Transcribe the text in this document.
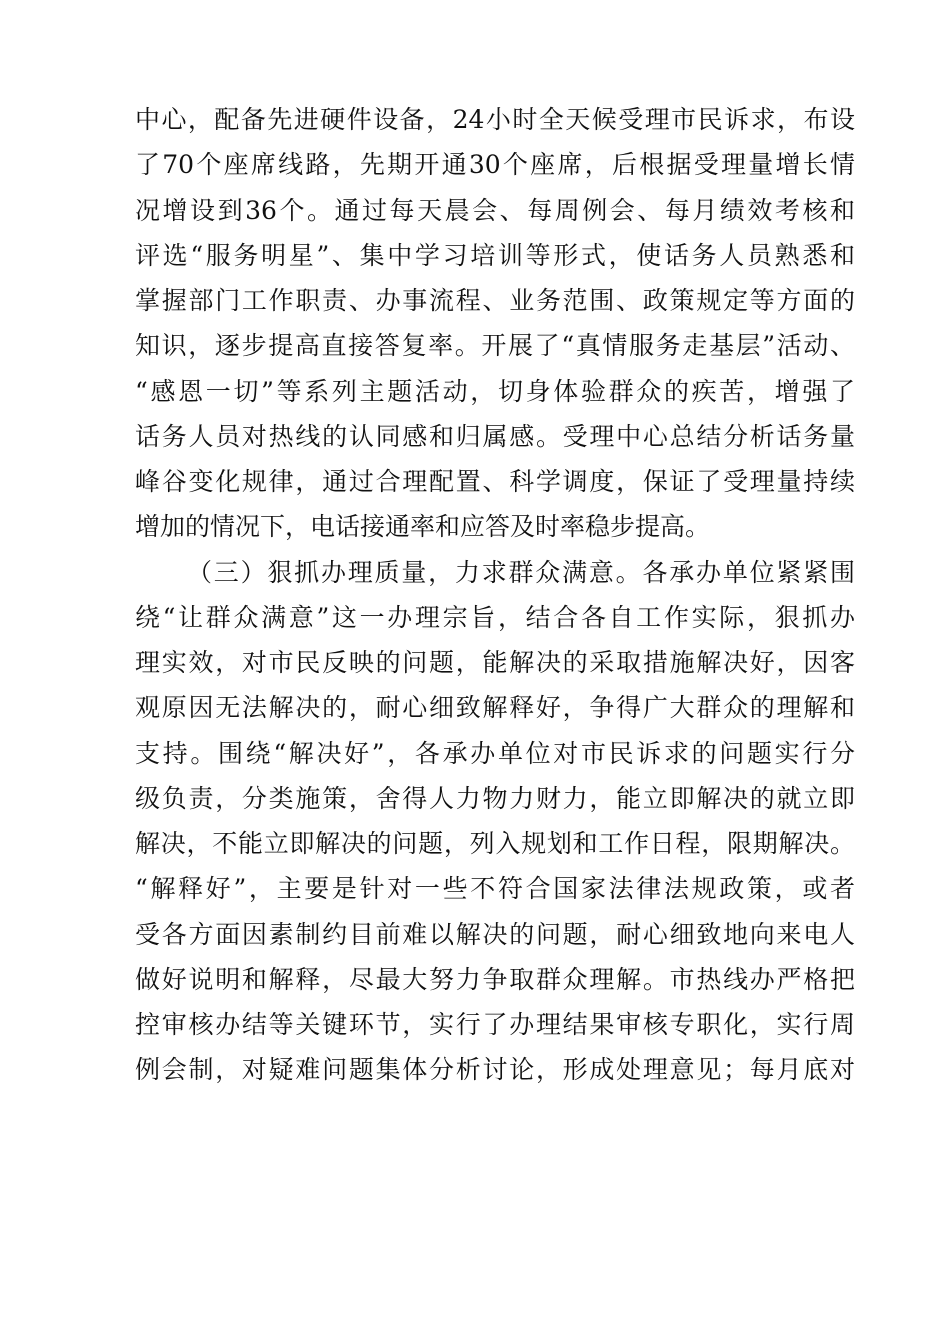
中心，配备先进硬件设备，24小时全天候受理市民诉求，布设
了70个座席线路，先期开通30个座席，后根据受理量增长情
况增设到36个。通过每天晨会、每周例会、每月绩效考核和
评选“服务明星”、集中学习培训等形式，使话务人员熟悉和
掌握部门工作职责、办事流程、业务范围、政策规定等方面的
知识，逐步提高直接答复率。开展了“真情服务走基层”活动、
“感恩一切”等系列主题活动，切身体验群众的疾苦，增强了
话务人员对热线的认同感和归属感。受理中心总结分析话务量
峰谷变化规律，通过合理配置、科学调度，保证了受理量持续
增加的情况下，电话接通率和应答及时率稳步提高。
（三）狠抓办理质量，力求群众满意。各承办单位紧紧围
绕“让群众满意”这一办理宗旨，结合各自工作实际，狠抓办
理实效，对市民反映的问题，能解决的采取措施解决好，因客
观原因无法解决的，耐心细致解释好，争得广大群众的理解和
支持。围绕“解决好”，各承办单位对市民诉求的问题实行分
级负责，分类施策，舍得人力物力财力，能立即解决的就立即
解决，不能立即解决的问题，列入规划和工作日程，限期解决。
“解释好”，主要是针对一些不符合国家法律法规政策，或者
受各方面因素制约目前难以解决的问题，耐心细致地向来电人
做好说明和解释，尽最大努力争取群众理解。市热线办严格把
控审核办结等关键环节，实行了办理结果审核专职化，实行周
例会制，对疑难问题集体分析讨论，形成处理意见；每月底对
